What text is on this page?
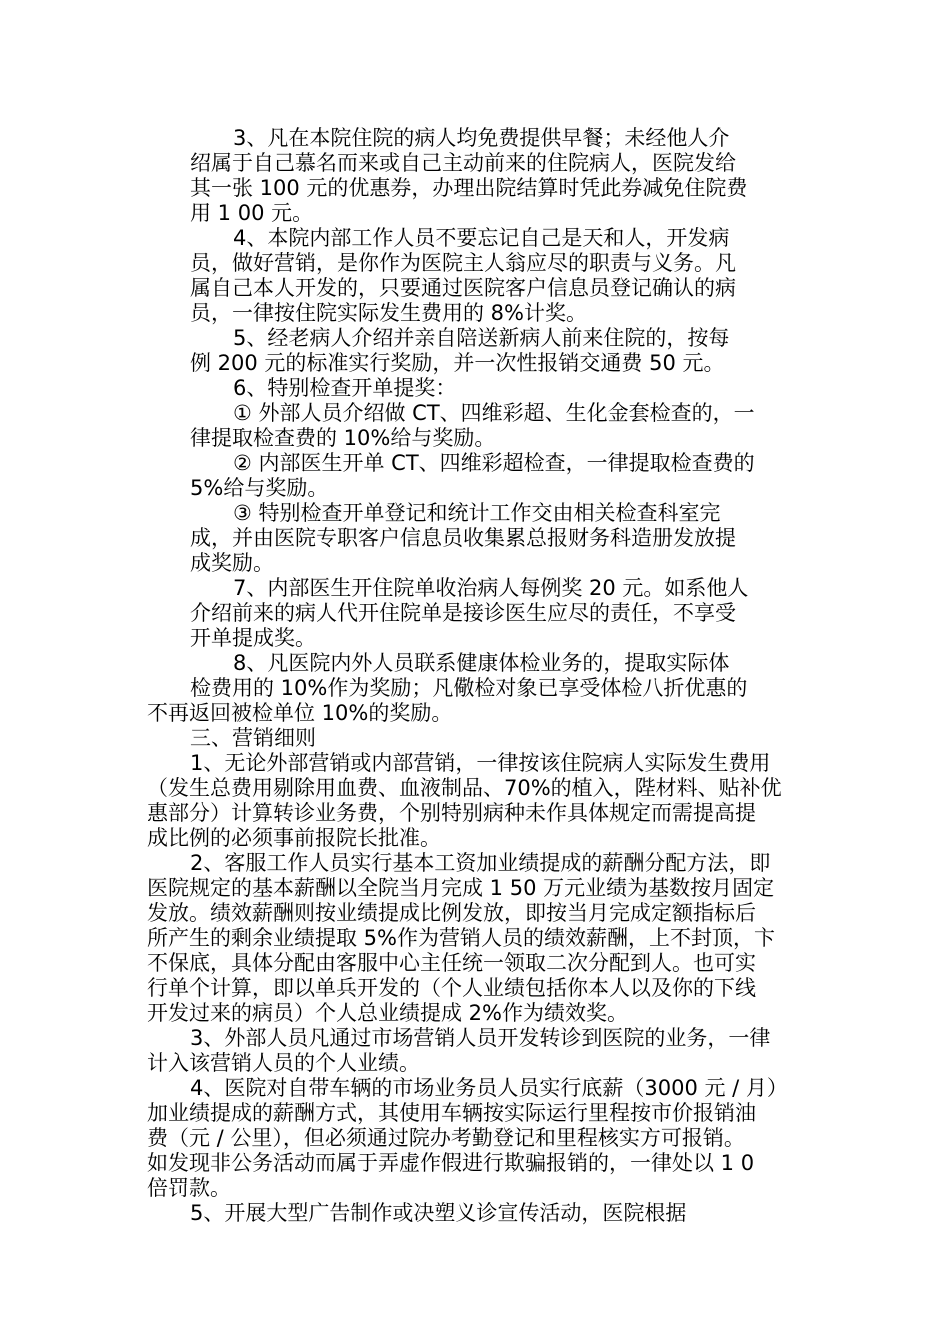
3、凡在本院住院的病人均免费提供早餐；未经他人介
绍属于自己慕名而来或自己主动前来的住院病人，医院发给
其一张 100 元的优惠券，办理出院结算时凭此券减免住院费
用 1 00 元。
4、本院内部工作人员不要忘记自己是天和人，开发病
员，做好营销，是你作为医院主人翁应尽的职责与义务。凡
属自己本人开发的，只要通过医院客户信息员登记确认的病
员，一律按住院实际发生费用的 8%计奖。
5、经老病人介绍并亲自陪送新病人前来住院的，按每
例 200 元的标准实行奖励，并一次性报销交通费 50 元。
6、特别检查开单提奖：
① 外部人员介绍做 CT、四维彩超、生化金套检查的，一
律提取检查费的 10%给与奖励。
② 内部医生开单 CT、四维彩超检查，一律提取检查费的
5%给与奖励。
③ 特别检查开单登记和统计工作交由相关检查科室完
成，并由医院专职客户信息员收集累总报财务科造册发放提
成奖励。
7、内部医生开住院单收治病人每例奖 20 元。如系他人
介绍前来的病人代开住院单是接诊医生应尽的责任，不享受
开单提成奖。
8、凡医院内外人员联系健康体检业务的，提取实际体
检费用的 10%作为奖励；凡儆检对象已享受体检八折优惠的
不再返回被检单位 10%的奖励。
三、营销细则
1、无论外部营销或内部营销，一律按该住院病人实际发生费用
（发生总费用剔除用血费、血液制品、70%的植入，陛材料、贴补优
惠部分）计算转诊业务费，个别特别病种未作具体规定而需提高提
成比例的必须事前报院长批准。
2、客服工作人员实行基本工资加业绩提成的薪酬分配方法，即
医院规定的基本薪酬以全院当月完成 1 50 万元业绩为基数按月固定
发放。绩效薪酬则按业绩提成比例发放，即按当月完成定额指标后
所产生的剩余业绩提取 5%作为营销人员的绩效薪酬，上不封顶，卞
不保底，具体分配由客服中心主任统一领取二次分配到人。也可实
行单个计算，即以单兵开发的（个人业绩包括你本人以及你的下线
开发过来的病员）个人总业绩提成 2%作为绩效奖。
3、外部人员凡通过市场营销人员开发转诊到医院的业务，一律
计入该营销人员的个人业绩。
4、医院对自带车辆的市场业务员人员实行底薪（3000 元 / 月）
加业绩提成的薪酬方式，其使用车辆按实际运行里程按市价报销油
费（元 / 公里），但必须通过院办考勤登记和里程核实方可报销。
如发现非公务活动而属于弄虚作假进行欺骗报销的，一律处以 1 0
倍罚款。
5、开展大型广告制作或决塑义诊宣传活动，医院根据
